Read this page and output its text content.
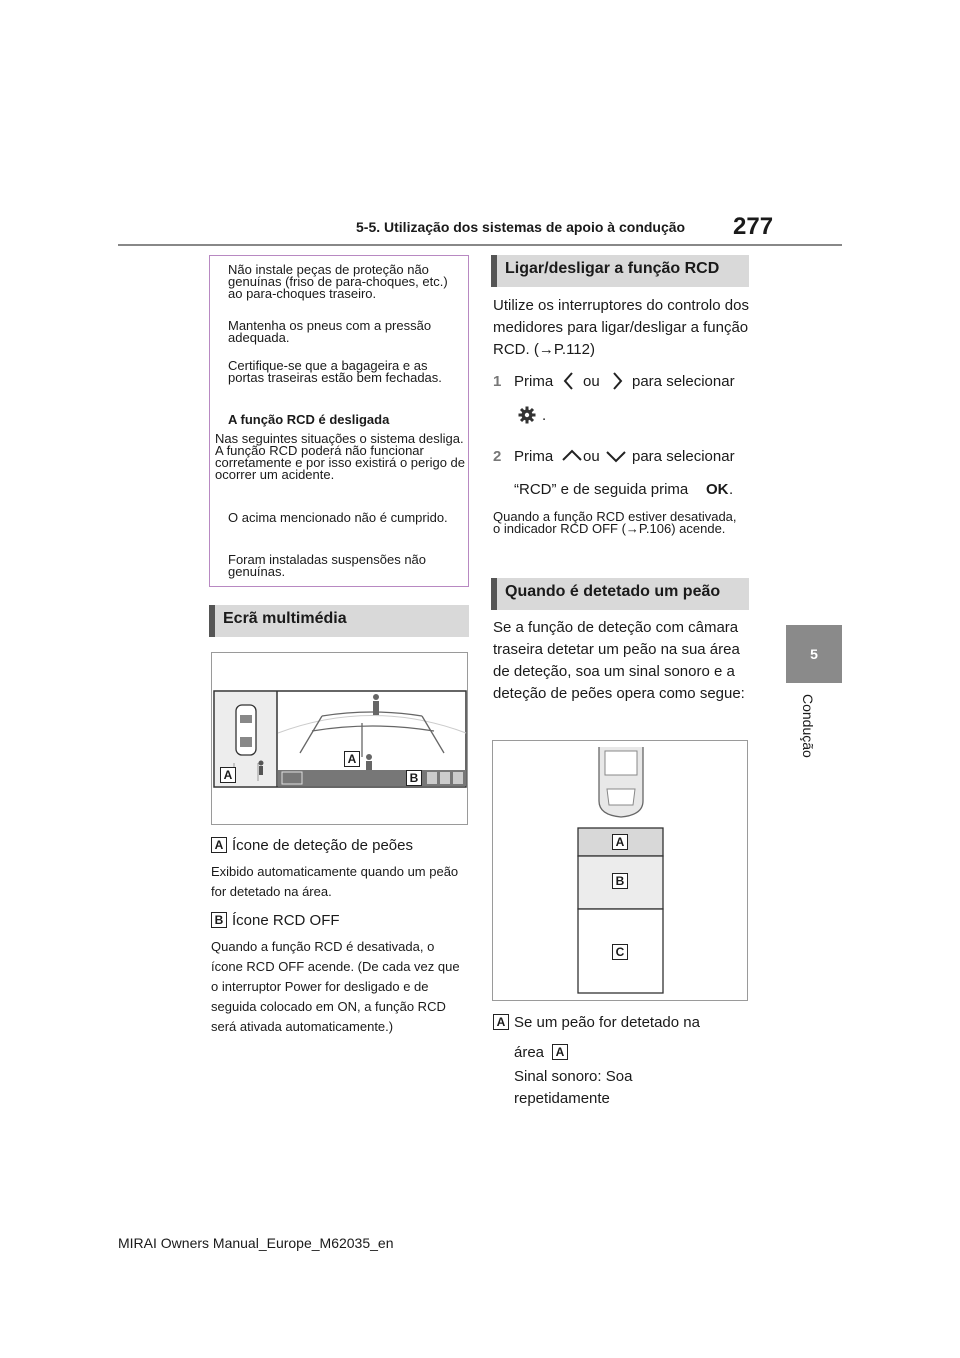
5-5. Utilização dos sistemas de apoio à condução 277
5
Condução
Não instale peças de proteção não genuínas (friso de para-choques, etc.) ao para-choques traseiro.
Mantenha os pneus com a pressão adequada.
Certifique-se que a bagageira e as portas traseiras estão bem fechadas.
A função RCD é desligada
Nas seguintes situações o sistema desliga. A função RCD poderá não funcionar corretamente e por isso existirá o perigo de ocorrer um acidente.
O acima mencionado não é cumprido.
Foram instaladas suspensões não genuínas.
Ecrã multimédia
A
A
B
A Ícone de deteção de peões
Exibido automaticamente quando um peão for detetado na área.
B Ícone RCD OFF
Quando a função RCD é desativada, o ícone RCD OFF acende. (De cada vez que o interruptor Power for desligado e de seguida colocado em ON, a função RCD será ativada automaticamente.)
Ligar/desligar a função RCD
Utilize os interruptores do controlo dos medidores para ligar/desligar a função RCD. (→P.112)
1 Prima ou para selecionar
.
2 Prima ou para selecionar
“RCD” e de seguida prima OK .
Quando a função RCD estiver desativada, o indicador RCD OFF (→P.106) acende.
Quando é detetado um peão
Se a função de deteção com câmara traseira detetar um peão na sua área de deteção, soa um sinal sonoro e a deteção de peões opera como segue:
A
B
C
A Se um peão for detetado na
área A
Sinal sonoro: Soa
repetidamente
MIRAI Owners Manual_Europe_M62035_en
